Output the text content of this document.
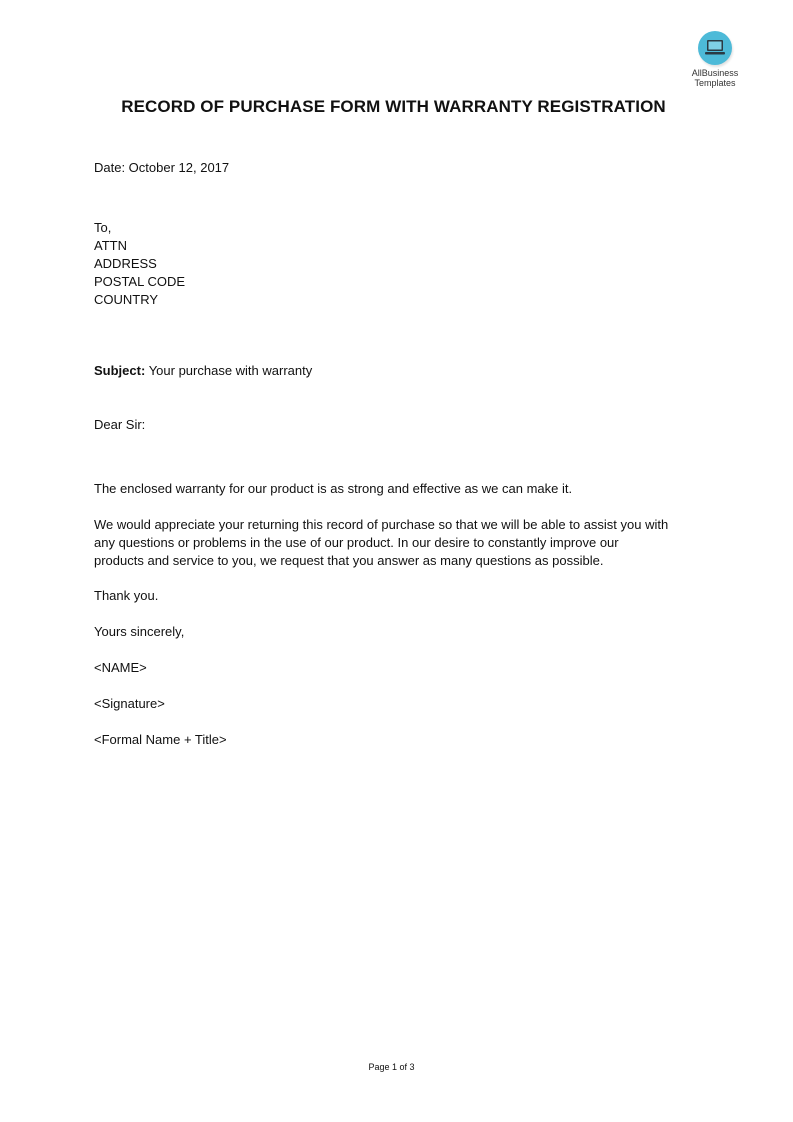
AllBusiness
Templates
RECORD OF PURCHASE FORM WITH WARRANTY REGISTRATION

Date: October 12, 2017

To,

ATTN

ADDRESS

POSTAL CODE

COUNTRY

Subject: Your purchase with warranty

Dear Sir:

The enclosed warranty for our product is as strong and effective as we can make it.

We would appreciate your returning this record of purchase so that we will be able to assist you with
any questions or problems in the use of our product. In our desire to constantly improve our
products and service to you, we request that you answer as many questions as possible.

Thank you.

Yours sincerely,

<NAME>

<Signature>

<Formal Name + Title>

Page 1 of 3
